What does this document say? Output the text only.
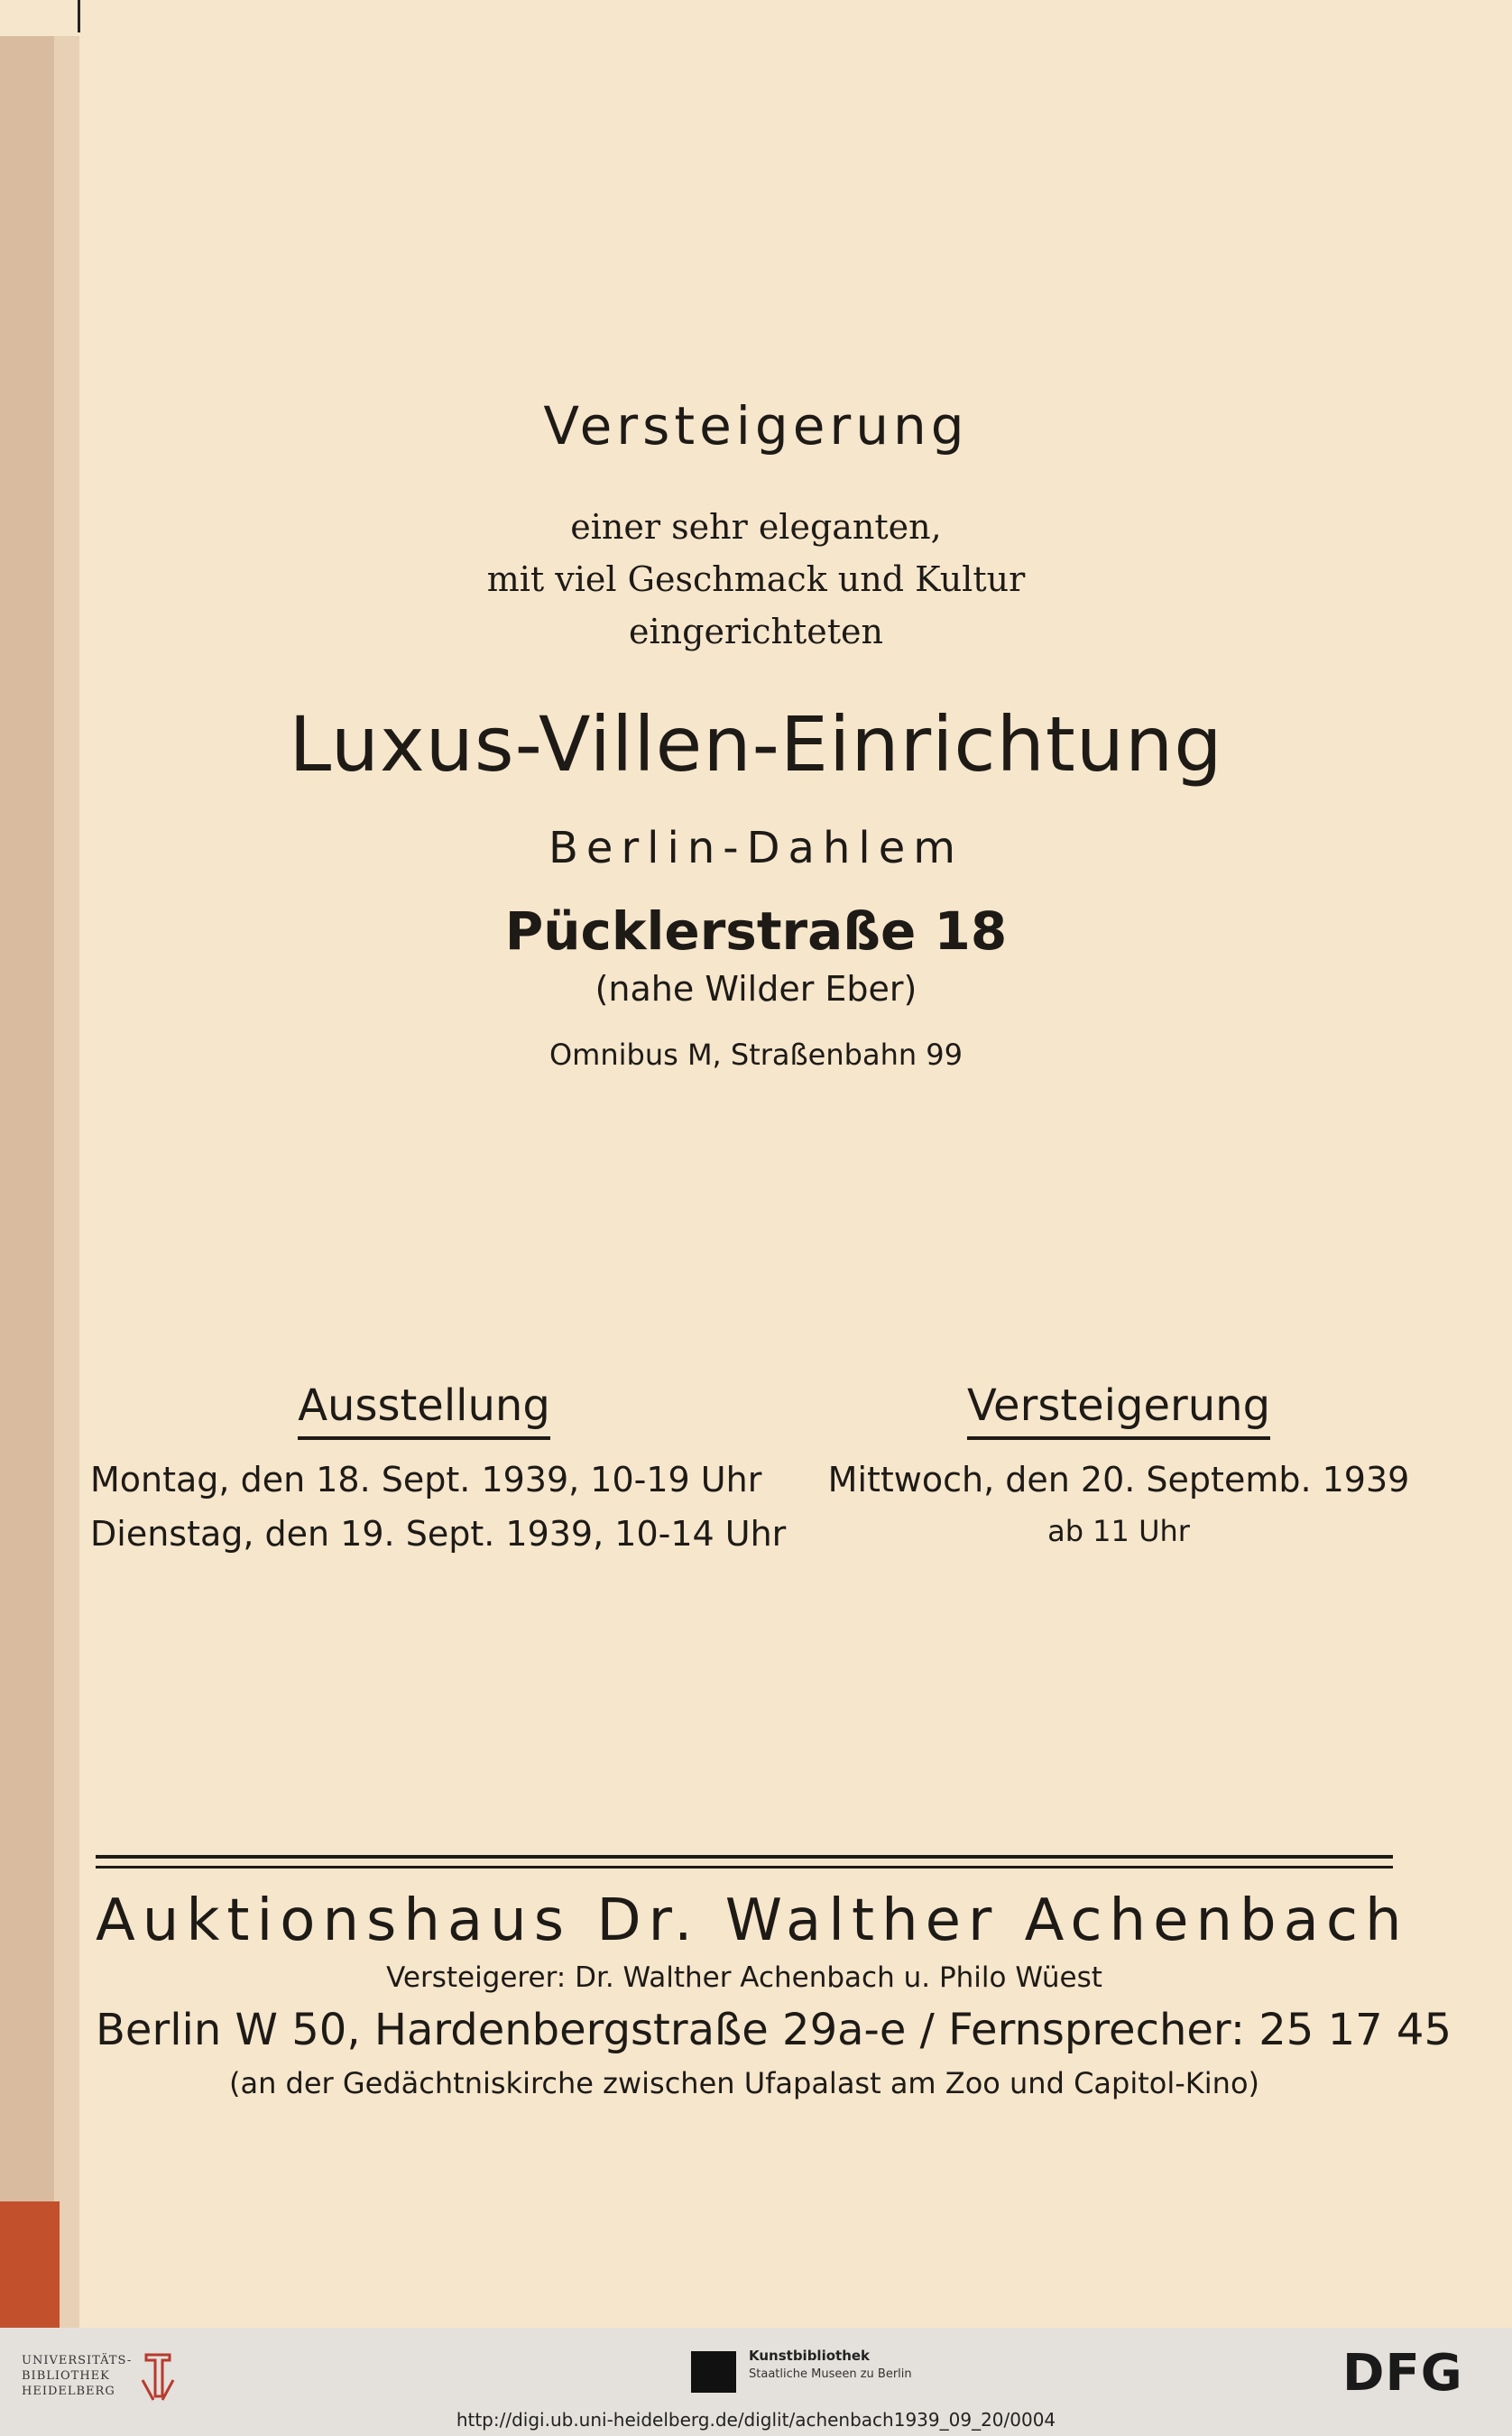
Versteigerung
einer sehr eleganten,
mit viel Geschmack und Kultur
eingerichteten
Luxus-Villen-Einrichtung
Berlin-Dahlem
Pücklerstraße 18
(nahe Wilder Eber)
Omnibus M, Straßenbahn 99
Ausstellung
Montag, den 18. Sept. 1939, 10-19 Uhr
Dienstag, den 19. Sept. 1939, 10-14 Uhr
Versteigerung
Mittwoch, den 20. Septemb. 1939
ab 11 Uhr
Auktionshaus Dr. Walther Achenbach
Versteigerer: Dr. Walther Achenbach u. Philo Wüest
Berlin W 50, Hardenbergstraße 29a-e / Fernsprecher: 25 17 45
(an der Gedächtniskirche zwischen Ufapalast am Zoo und Capitol-Kino)
UNIVERSITÄTS-
BIBLIOTHEK
HEIDELBERG
Kunstbibliothek
Staatliche Museen zu Berlin	DFG
http://digi.ub.uni-heidelberg.de/diglit/achenbach1939_09_20/0004
